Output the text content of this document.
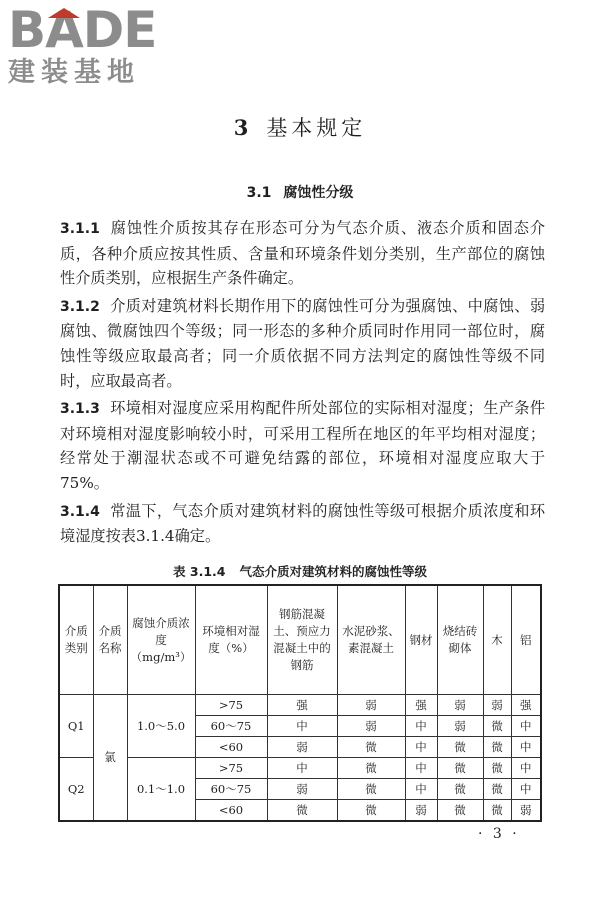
BADE
建装基地
3 基本规定
3.1 腐蚀性分级

3.1.1 腐蚀性介质按其存在形态可分为气态介质、液态介质和固态介质，各种介质应按其性质、含量和环境条件划分类别，生产部位的腐蚀性介质类别，应根据生产条件确定。

3.1.2 介质对建筑材料长期作用下的腐蚀性可分为强腐蚀、中腐蚀、弱腐蚀、微腐蚀四个等级；同一形态的多种介质同时作用同一部位时，腐蚀性等级应取最高者；同一介质依据不同方法判定的腐蚀性等级不同时，应取最高者。

3.1.3 环境相对湿度应采用构配件所处部位的实际相对湿度；生产条件对环境相对湿度影响较小时，可采用工程所在地区的年平均相对湿度；经常处于潮湿状态或不可避免结露的部位，环境相对湿度应取大于75%。

3.1.4 常温下，气态介质对建筑材料的腐蚀性等级可根据介质浓度和环境湿度按表3.1.4确定。

表 3.1.4 气态介质对建筑材料的腐蚀性等级
介质类别	介质名称	腐蚀介质浓度（mg/m³）	环境相对湿度（%）	钢筋混凝土、预应力混凝土中的钢筋	水泥砂浆、素混凝土	钢材	烧结砖砌体	木	铝
Q1	氯	1.0～5.0	>75	强	弱	强	弱	弱	强
			60～75	中	弱	中	弱	微	中
			<60	弱	微	中	微	微	中
Q2		0.1～1.0	>75	中	微	中	微	微	中
			60～75	弱	微	中	微	微	中
			<60	微	微	弱	微	微	弱
· 3 ·
